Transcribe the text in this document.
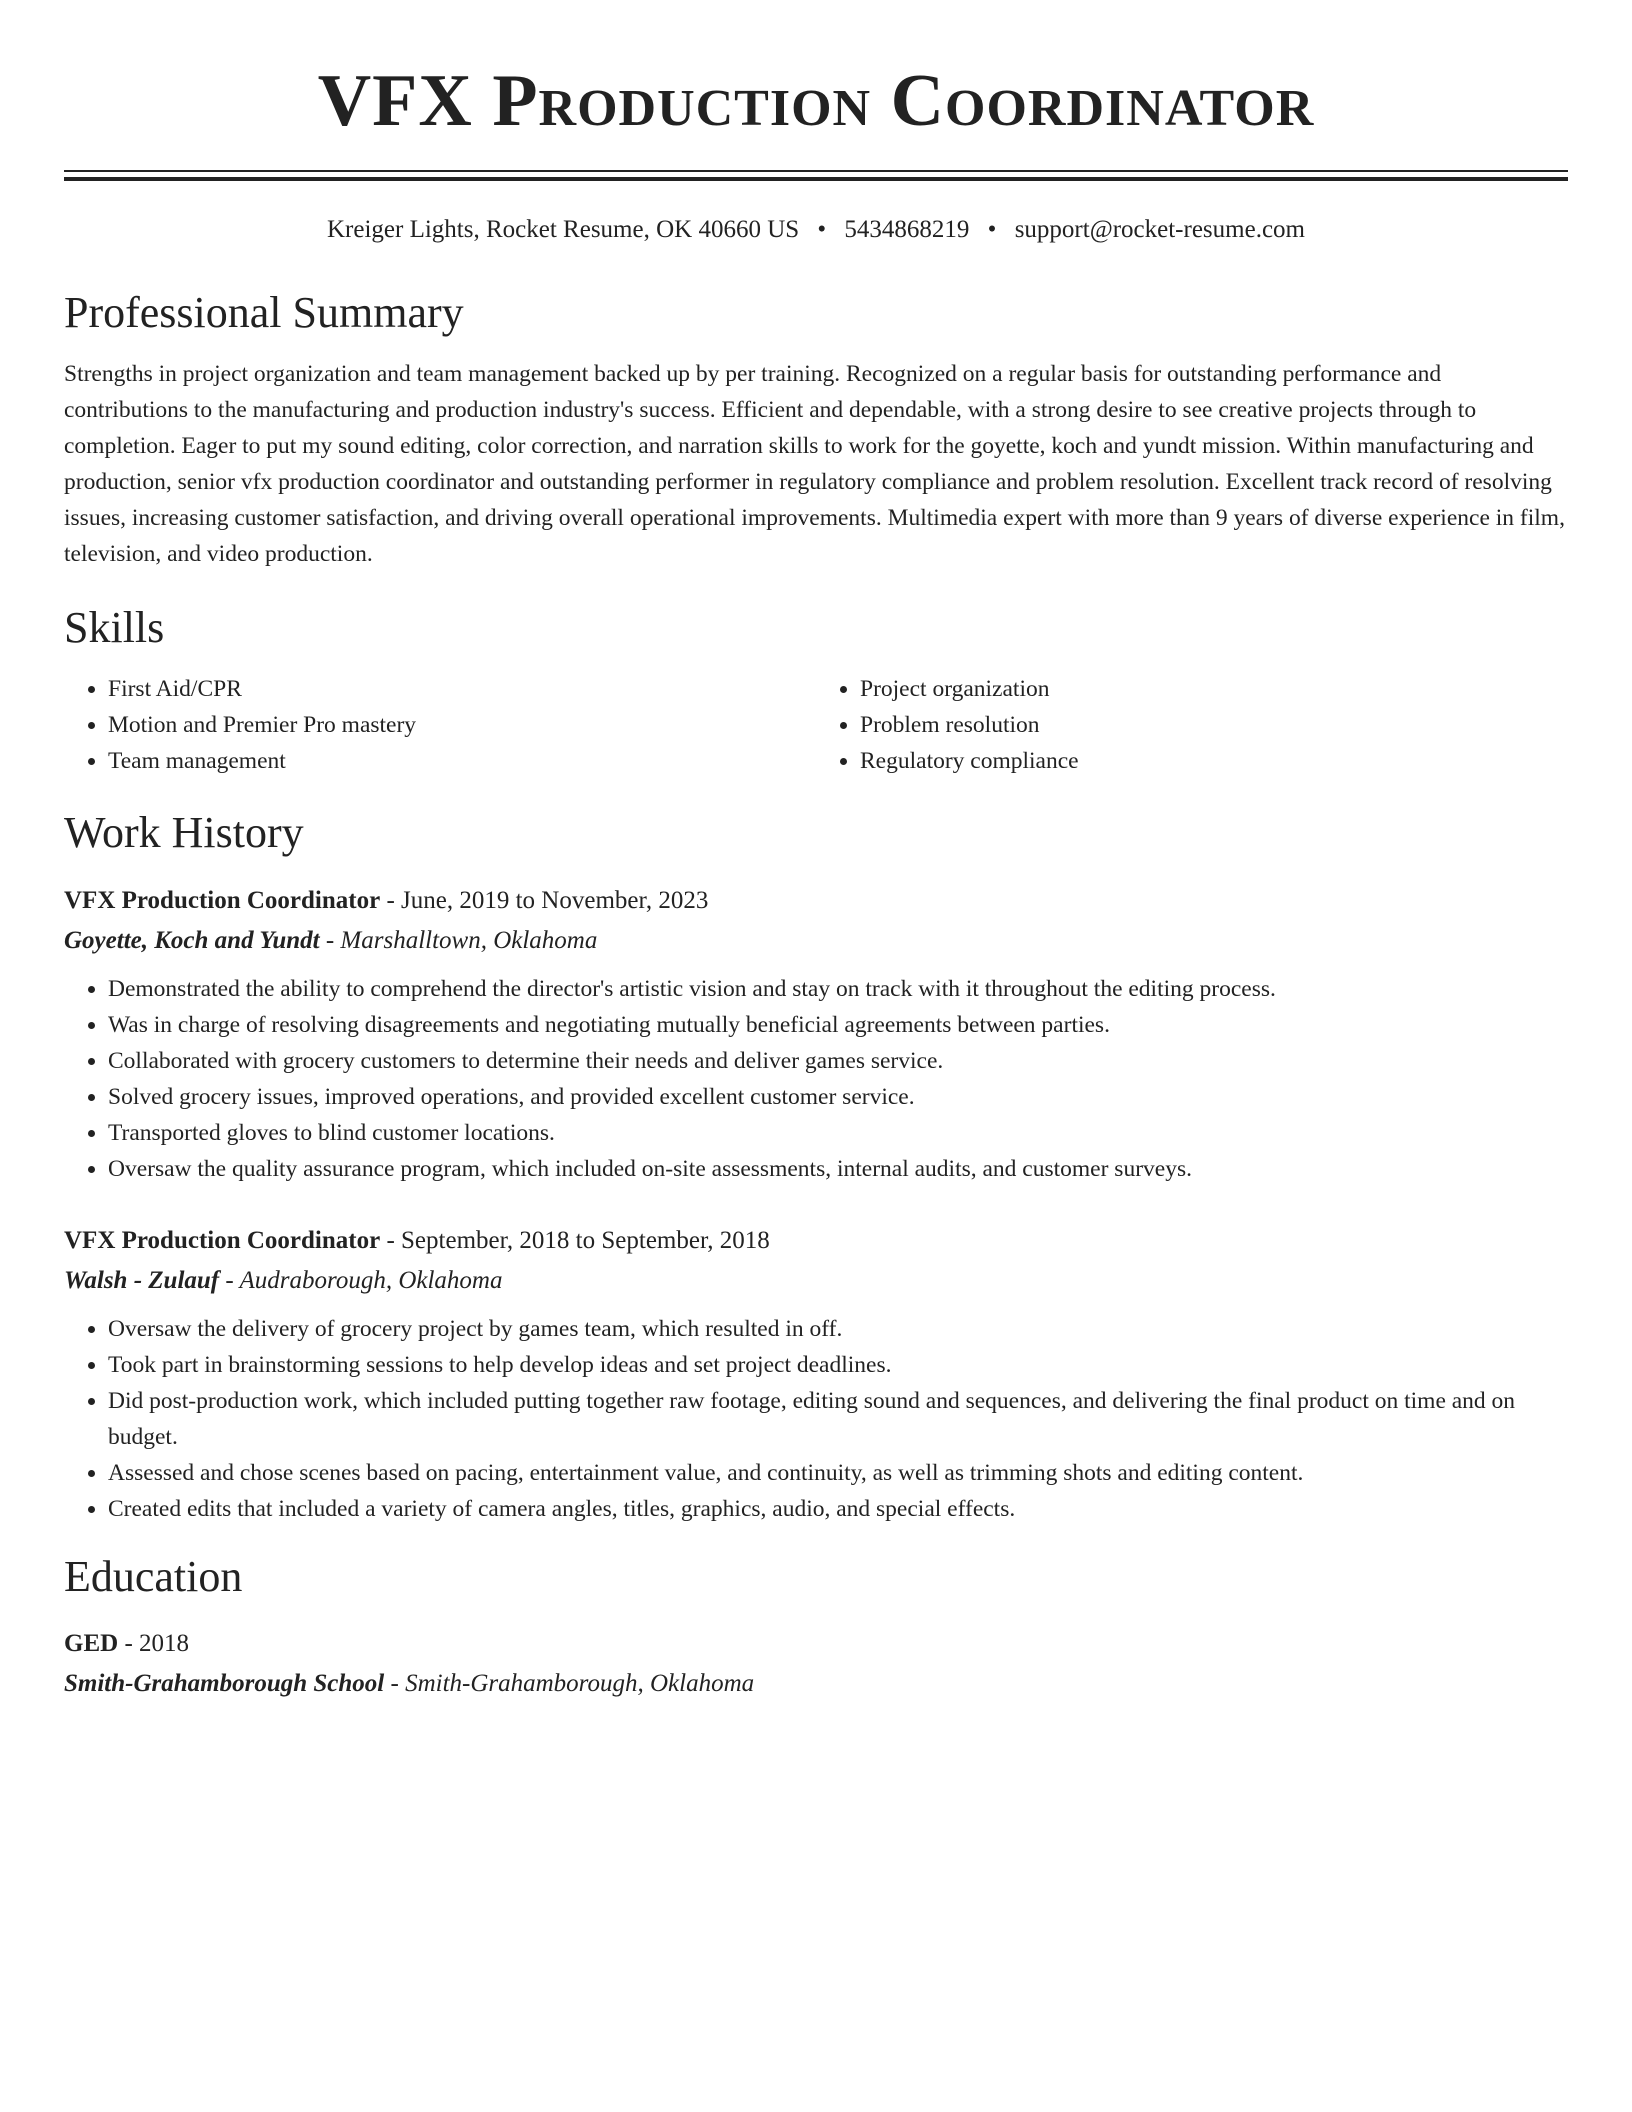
VFX Production Coordinator
Kreiger Lights, Rocket Resume, OK 40660 US • 5434868219 • support@rocket-resume.com
Professional Summary

Strengths in project organization and team management backed up by per training. Recognized on a regular basis for outstanding performance and contributions to the manufacturing and production industry's success. Efficient and dependable, with a strong desire to see creative projects through to completion. Eager to put my sound editing, color correction, and narration skills to work for the goyette, koch and yundt mission. Within manufacturing and production, senior vfx production coordinator and outstanding performer in regulatory compliance and problem resolution. Excellent track record of resolving issues, increasing customer satisfaction, and driving overall operational improvements. Multimedia expert with more than 9 years of diverse experience in film, television, and video production.

Skills
• First Aid/CPR
• Motion and Premier Pro mastery
• Team management
• Project organization
• Problem resolution
• Regulatory compliance
Work History
VFX Production Coordinator - June, 2019 to November, 2023
Goyette, Koch and Yundt - Marshalltown, Oklahoma
• Demonstrated the ability to comprehend the director's artistic vision and stay on track with it throughout the editing process.
• Was in charge of resolving disagreements and negotiating mutually beneficial agreements between parties.
• Collaborated with grocery customers to determine their needs and deliver games service.
• Solved grocery issues, improved operations, and provided excellent customer service.
• Transported gloves to blind customer locations.
• Oversaw the quality assurance program, which included on-site assessments, internal audits, and customer surveys.
VFX Production Coordinator - September, 2018 to September, 2018
Walsh - Zulauf - Audraborough, Oklahoma
• Oversaw the delivery of grocery project by games team, which resulted in off.
• Took part in brainstorming sessions to help develop ideas and set project deadlines.
• Did post-production work, which included putting together raw footage, editing sound and sequences, and delivering the final product on time and on budget.
• Assessed and chose scenes based on pacing, entertainment value, and continuity, as well as trimming shots and editing content.
• Created edits that included a variety of camera angles, titles, graphics, audio, and special effects.
Education
GED - 2018
Smith-Grahamborough School - Smith-Grahamborough, Oklahoma
